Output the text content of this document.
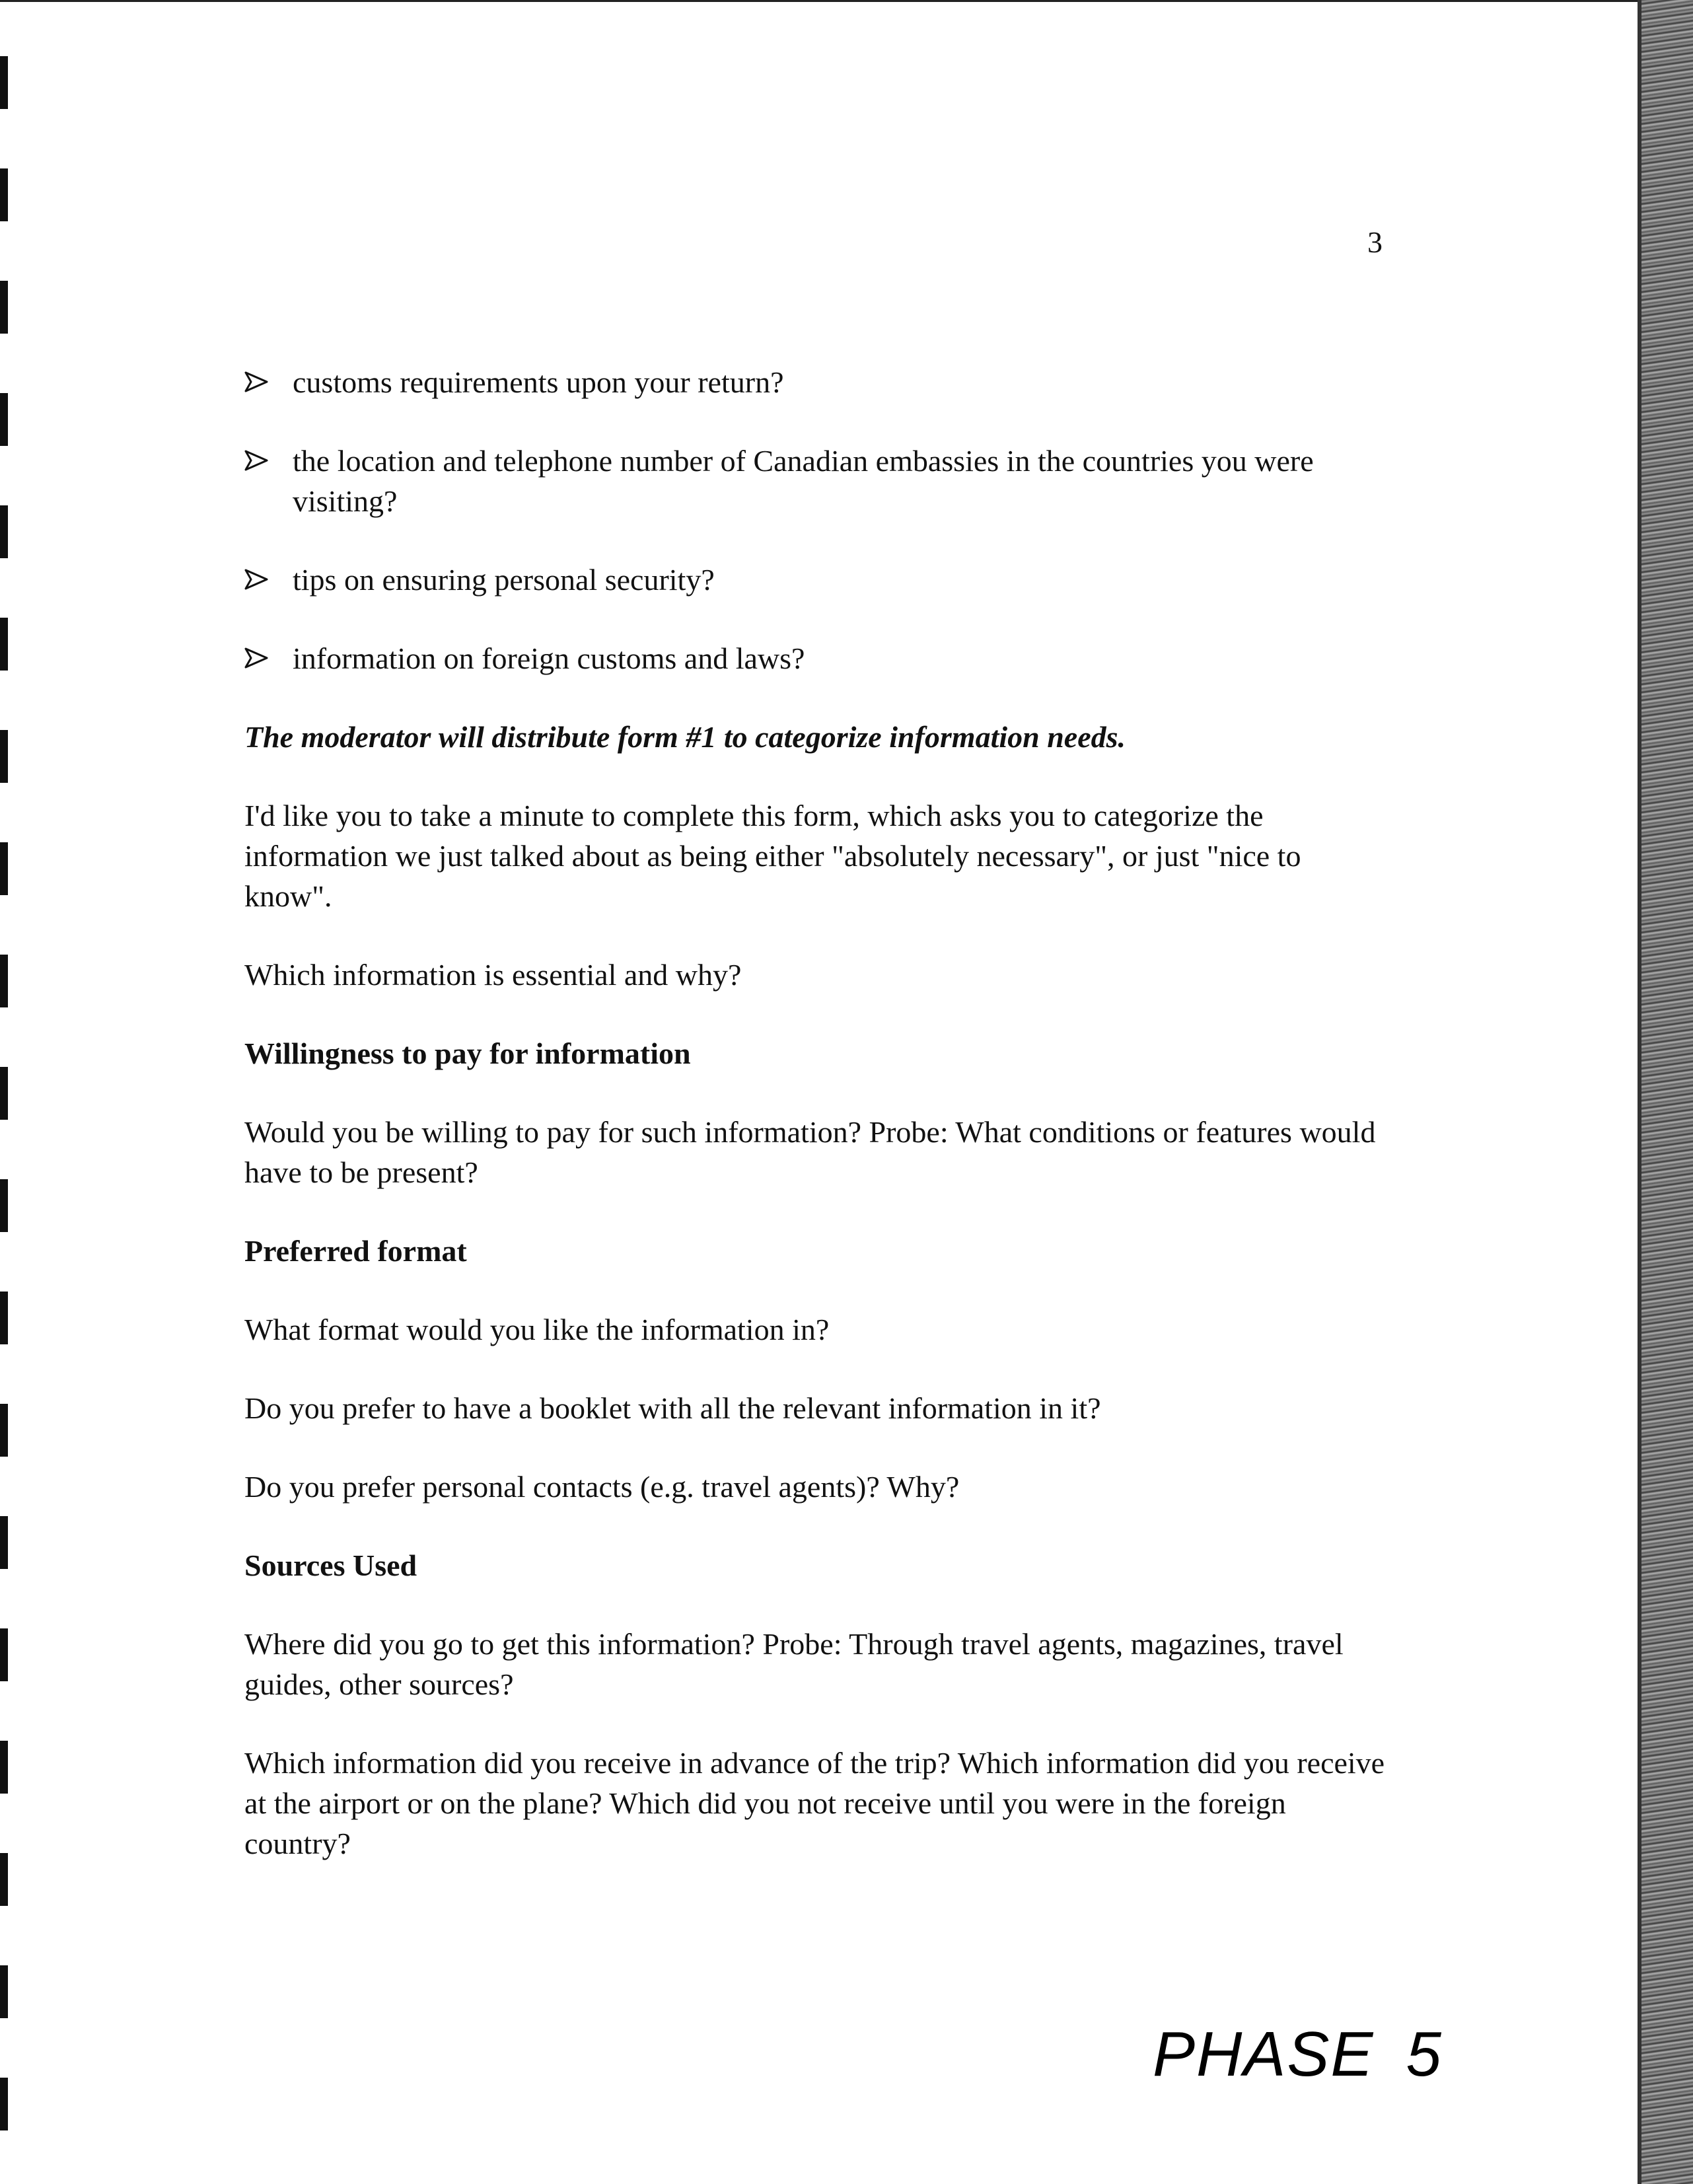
3
customs requirements upon your return?
the location and telephone number of Canadian embassies in the countries you were visiting?
tips on ensuring personal security?
information on foreign customs and laws?

The moderator will distribute form #1 to categorize information needs.

I'd like you to take a minute to complete this form, which asks you to categorize the information we just talked about as being either "absolutely necessary", or just "nice to know".

Which information is essential and why?

Willingness to pay for information

Would you be willing to pay for such information? Probe: What conditions or features would have to be present?

Preferred format

What format would you like the information in?

Do you prefer to have a booklet with all the relevant information in it?

Do you prefer personal contacts (e.g. travel agents)? Why?

Sources Used

Where did you go to get this information? Probe: Through travel agents, magazines, travel guides, other sources?

Which information did you receive in advance of the trip? Which information did you receive at the airport or on the plane? Which did you not receive until you were in the foreign country?

PHASE 5
